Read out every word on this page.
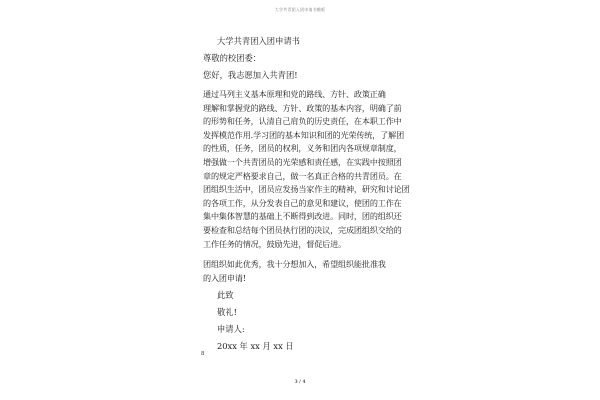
大学共青团入团申请书模板
大学共青团入团申请书
尊敬的校团委：
您好，我志愿加入共青团!
通过马列主义基本原理和党的路线、方针、政策正确
理解和掌握党的路线、方针、政策的基本内容，明确了前
的形势和任务，认清自己肩负的历史责任，在本职工作中
发挥模范作用.学习团的基本知识和团的光荣传统，了解团
的性质，任务，团员的权利，义务和团内各项规章制度，
增强做一个共青团员的光荣感和责任感，在实践中按照团
章的规定严格要求自己，做一名真正合格的共青团员。在
团组织生活中，团员应发扬当家作主的精神，研究和讨论团
的各项工作，从分发表自己的意见和建议，使团的工作在
集中集体智慧的基础上不断得到改进。同时，团的组织还
要检查和总结每个团员执行团的决议，完成团组织交给的
工作任务的情况，鼓励先进，督促后进。
团组织如此优秀，我十分想加入，希望组织能批准我
的入团申请!
此致
敬礼!
申请人:
20xx 年 xx 月 xx 日
8
3 / 4
